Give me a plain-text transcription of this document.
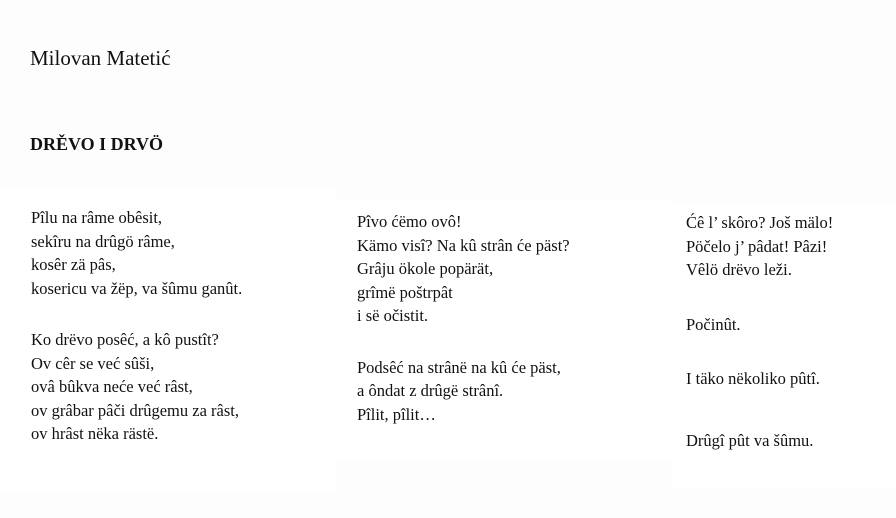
Milovan Matetić
DRĚVO I DRVÖ
Pîlu na râme obêsit,
sekîru na drûgö râme,
kosêr zä pâs,
kosericu va žëp, va šûmu ganût.
Ko drëvo posêć, a kô pustît?
Ov cêr se već sûši,
ovâ bûkva neće već râst,
ov grâbar pâči drûgemu za râst,
ov hrâst nëka rästë.
Pîvo ćëmo ovô!
Kämo visî? Na kû strân će päst?
Grâju ökole popärät,
grîmë poštrpât
i së očistit.
Podsêć na strânë na kû će päst,
a ôndat z drûgë strânî.
Pîlit, pîlit…
Ćê l’ skôro? Još mälo!
Pöčelo j’ pâdat! Pâzi!
Vêlö drëvo leži.
Počinût.
I täko nëkoliko pûtî.
Drûgî pût va šûmu.
